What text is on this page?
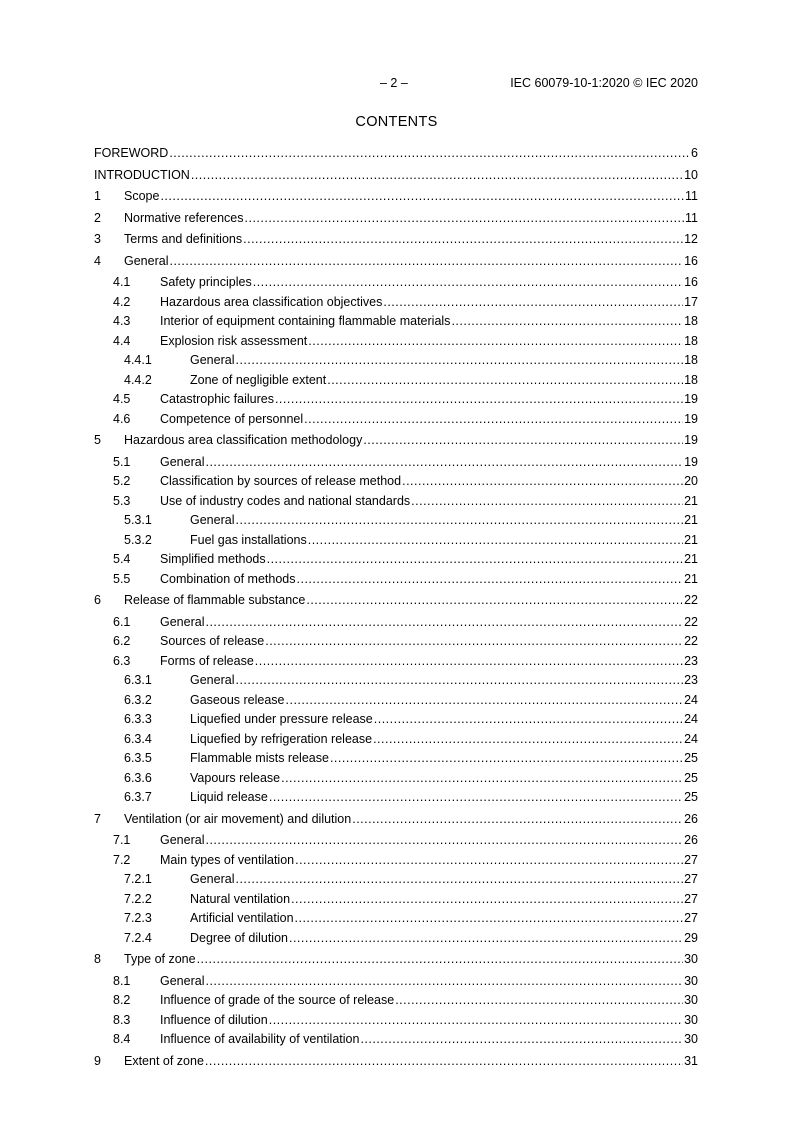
– 2 –	IEC 60079-10-1:2020 © IEC 2020
CONTENTS
FOREWORD .....	6
INTRODUCTION .....	10
1 Scope .....	11
2 Normative references .....	11
3 Terms and definitions .....	12
4 General .....	16
4.1 Safety principles .....	16
4.2 Hazardous area classification objectives .....	17
4.3 Interior of equipment containing flammable materials .....	18
4.4 Explosion risk assessment .....	18
4.4.1	General .....	18
4.4.2	Zone of negligible extent .....	18
4.5 Catastrophic failures .....	19
4.6 Competence of personnel .....	19
5 Hazardous area classification methodology .....	19
5.1 General .....	19
5.2 Classification by sources of release method .....	20
5.3 Use of industry codes and national standards .....	21
5.3.1	General .....	21
5.3.2	Fuel gas installations .....	21
5.4 Simplified methods .....	21
5.5 Combination of methods .....	21
6 Release of flammable substance .....	22
6.1 General .....	22
6.2 Sources of release .....	22
6.3 Forms of release .....	23
6.3.1	General .....	23
6.3.2	Gaseous release .....	24
6.3.3	Liquefied under pressure release .....	24
6.3.4	Liquefied by refrigeration release .....	24
6.3.5	Flammable mists release .....	25
6.3.6	Vapours release .....	25
6.3.7	Liquid release .....	25
7 Ventilation (or air movement) and dilution .....	26
7.1 General .....	26
7.2 Main types of ventilation .....	27
7.2.1	General .....	27
7.2.2	Natural ventilation .....	27
7.2.3	Artificial ventilation .....	27
7.2.4	Degree of dilution .....	29
8 Type of zone .....	30
8.1 General .....	30
8.2 Influence of grade of the source of release .....	30
8.3 Influence of dilution .....	30
8.4 Influence of availability of ventilation .....	30
9 Extent of zone .....	31
